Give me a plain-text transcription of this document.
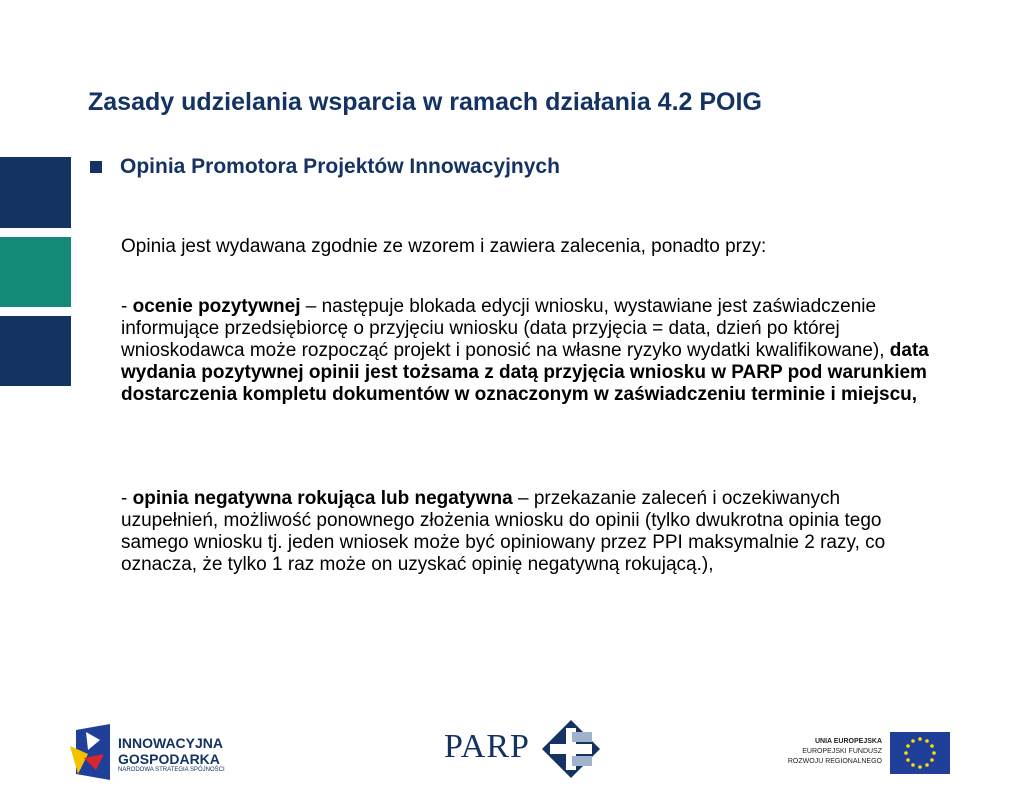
Zasady udzielania wsparcia w ramach działania 4.2 POIG
Opinia Promotora Projektów Innowacyjnych
Opinia jest wydawana zgodnie ze wzorem i zawiera zalecenia, ponadto przy:
- ocenie pozytywnej – następuje blokada edycji wniosku, wystawiane jest zaświadczenie informujące przedsiębiorcę o przyjęciu wniosku (data przyjęcia = data, dzień po której wnioskodawca może rozpocząć projekt i ponosić na własne ryzyko wydatki kwalifikowane), data wydania pozytywnej opinii jest tożsama z datą przyjęcia wniosku w PARP pod warunkiem dostarczenia kompletu dokumentów w oznaczonym w zaświadczeniu terminie i miejscu,
- opinia negatywna rokująca lub negatywna – przekazanie zaleceń i oczekiwanych uzupełnień, możliwość ponownego złożenia wniosku do opinii (tylko dwukrotna opinia tego samego wniosku tj. jeden wniosek może być opiniowany przez PPI maksymalnie 2 razy, co oznacza, że tylko 1 raz może on uzyskać opinię negatywną rokującą.),
INNOWACYJNA
GOSPODARKA
NARODOWA STRATEGIA SPÓJNOŚCI
PARP	UNIA EUROPEJSKA
EUROPEJSKI FUNDUSZ
ROZWOJU REGIONALNEGO
